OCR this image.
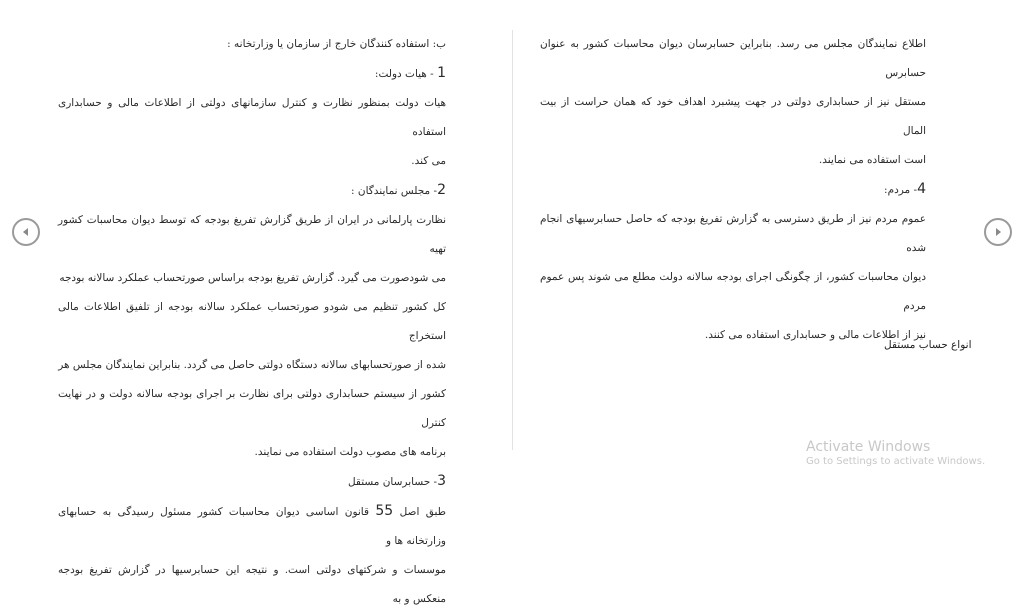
ب: استفاده کنندگان خارج از سازمان یا وزارتخانه :

1 - هیات دولت:

هیات دولت بمنظور نظارت و کنترل سازمانهای دولتی از اطلاعات مالی و حسابداری استفاده

می کند.

2- مجلس نمایندگان :

نظارت پارلمانی در ایران از طریق گزارش تفریغ بودجه که توسط دیوان محاسبات کشور تهیه

می شودصورت می گیرد. گزارش تفریغ بودجه براساس صورتحساب عملکرد سالانه بودجه

کل کشور تنظیم می شودو صورتحساب عملکرد سالانه بودجه از تلفیق اطلاعات مالی استخراج

شده از صورتحسابهای سالانه دستگاه دولتی حاصل می گردد. بنابراین نمایندگان مجلس هر

کشور از سیستم حسابداری دولتی برای نظارت بر اجرای بودجه سالانه دولت و در نهایت کنترل

برنامه های مصوب دولت استفاده می نمایند.

3- حسابرسان مستقل

طبق اصل 55 قانون اساسی دیوان محاسبات کشور مسئول رسیدگی به حسابهای وزارتخانه ها و

موسسات و شرکتهای دولتی است. و نتیجه این حسابرسیها در گزارش تفریغ بودجه منعکس و به

اطلاع نمایندگان مجلس می رسد. بنابراین حسابرسان دیوان محاسبات کشور به عنوان حسابرس

مستقل نیز از حسابداری دولتی در جهت پیشبرد اهداف خود که همان حراست از بیت المال

است استفاده می نمایند.

4- مردم:

عموم مردم نیز از طریق دسترسی به گزارش تفریغ بودجه که حاصل حسابرسیهای انجام شده

دیوان محاسبات کشور، از چگونگی اجرای بودجه سالانه دولت مطلع می شوند پس عموم مردم

نیز از اطلاعات مالی و حسابداری استفاده می کنند.

انواع حساب مستقل
Activate Windows
Go to Settings to activate Windows.
